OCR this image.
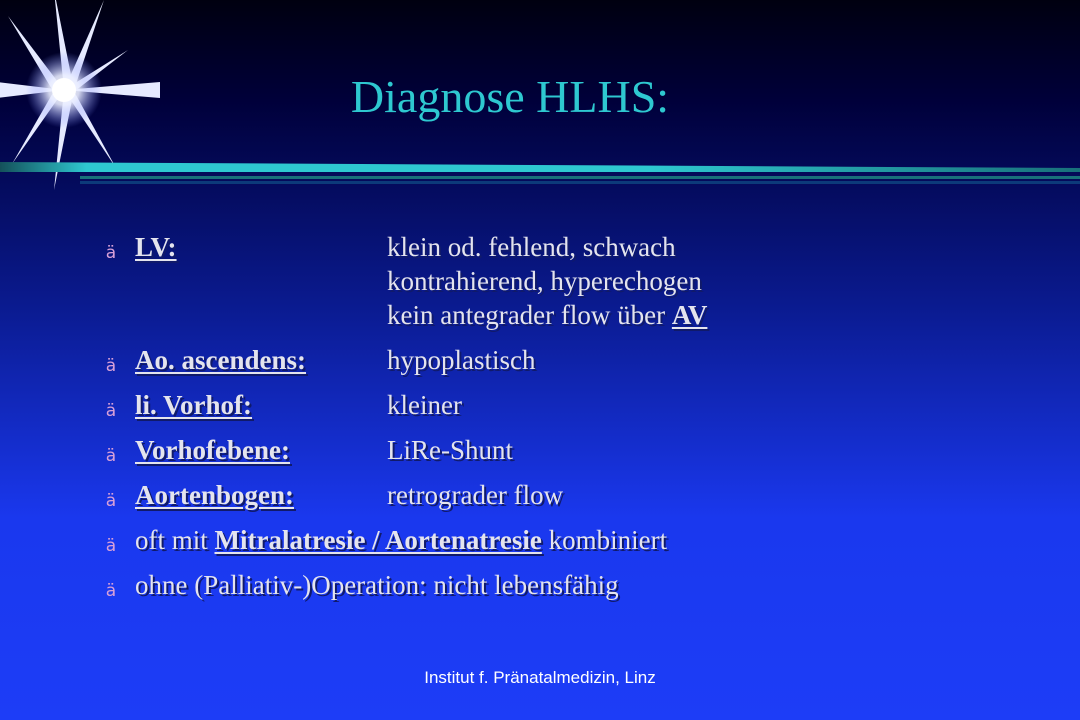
Diagnose HLHS:
ä LV:	klein od. fehlend, schwach
kontrahierend, hyperechogen
kein antegrader flow über AV
ä Ao. ascendens:	hypoplastisch
ä li. Vorhof:	kleiner
ä Vorhofebene:	LiRe-Shunt
ä Aortenbogen:	retrograder flow
ä oft mit Mitralatresie / Aortenatresie kombiniert
ä ohne (Palliativ-)Operation: nicht lebensfähig
Institut f. Pränatalmedizin, Linz
